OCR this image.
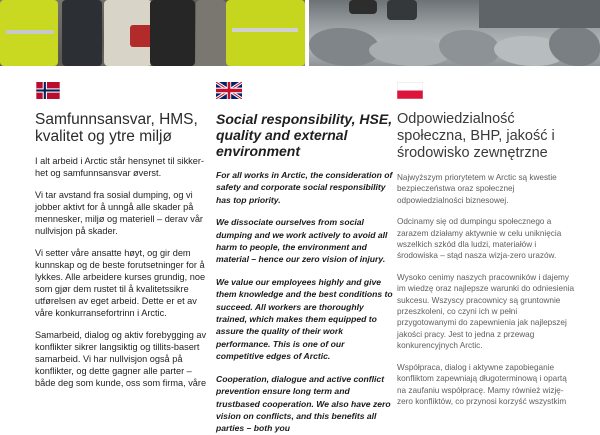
Samfunnsansvar, HMS, kvalitet og ytre miljø
I alt arbeid i Arctic står hensynet til sikker-het og samfunnsansvar øverst.
Vi tar avstand fra sosial dumping, og vi jobber aktivt for å unngå alle skader på mennesker, miljø og materiell – derav vår nullvisjon på skader.
Vi setter våre ansatte høyt, og gir dem kunnskap og de beste forutsetninger for å lykkes. Alle arbeidere kurses grundig, noe som gjør dem rustet til å kvalitetssikre utførelsen av eget arbeid. Dette er et av våre konkurransefortrinn i Arctic.
Samarbeid, dialog og aktiv forebygging av konflikter sikrer langsiktig og tillits-basert samarbeid. Vi har nullvisjon også på konflikter, og dette gagner alle parter – både deg som kunde, oss som firma, våre
Social responsibility, HSE, quality and external environment
For all works in Arctic, the consideration of safety and corporate social responsibility has top priority.
We dissociate ourselves from social dumping and we work actively to avoid all harm to people, the environment and material – hence our zero vision of injury.
We value our employees highly and give them knowledge and the best conditions to succeed. All workers are thoroughly trained, which makes them equipped to assure the quality of their work performance. This is one of our competitive edges of Arctic.
Cooperation, dialogue and active conflict prevention ensure long term and trustbased cooperation. We also have zero vision on conflicts, and this benefits all parties – both you
Odpowiedzialność społeczna, BHP, jakość i środowisko zewnętrzne
Najwyższym priorytetem w Arctic są kwestie bezpieczeństwa oraz społecznej odpowiedzialności biznesowej.
Odcinamy się od dumpingu społecznego a zarazem działamy aktywnie w celu uniknięcia wszelkich szkód dla ludzi, materiałów i środowiska – stąd nasza wizja-zero urazów.
Wysoko cenimy naszych pracowników i dajemy im wiedzę oraz najlepsze warunki do odniesienia sukcesu. Wszyscy pracownicy są gruntownie przeszkoleni, co czyni ich w pełni przygotowanymi do zapewnienia jak najlepszej jakości pracy. Jest to jedna z przewag konkurencyjnych Arctic.
Współpraca, dialog i aktywne zapobieganie konfliktom zapewniają długoterminową i opartą na zaufaniu współpracę. Mamy również wizję-zero konfliktów, co przynosi korzyść wszystkim
